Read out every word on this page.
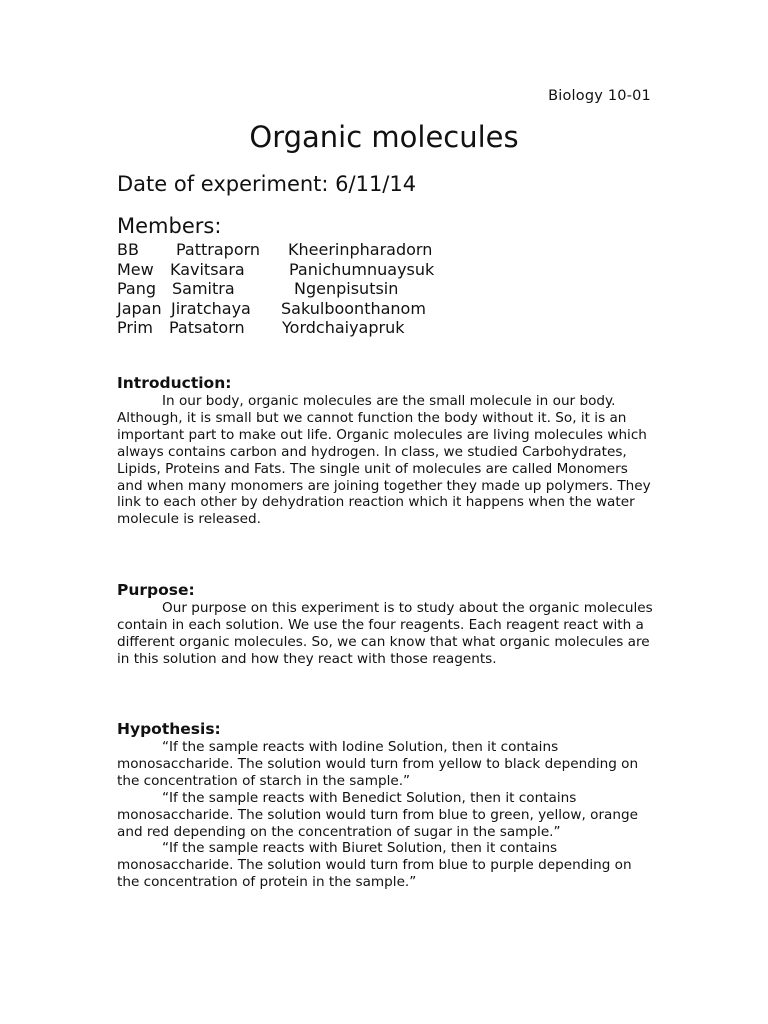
Biology 10-01
Organic molecules
Date of experiment: 6/11/14
Members:
BB Pattraporn Kheerinpharadorn
Mew Kavitsara	Panichumnuaysuk
Pang Samitra	Ngenpisutsin
Japan Jiratchaya Sakulboonthanom
Prim Patsatorn Yordchaiyapruk
Introduction:

In our body, organic molecules are the small molecule in our body. Although, it is small but we cannot function the body without it. So, it is an important part to make out life. Organic molecules are living molecules which always contains carbon and hydrogen. In class, we studied Carbohydrates, Lipids, Proteins and Fats. The single unit of molecules are called Monomers and when many monomers are joining together they made up polymers. They link to each other by dehydration reaction which it happens when the water molecule is released.

Purpose:

Our purpose on this experiment is to study about the organic molecules contain in each solution. We use the four reagents. Each reagent react with a different organic molecules. So, we can know that what organic molecules are in this solution and how they react with those reagents.

Hypothesis:

“If the sample reacts with Iodine Solution, then it contains monosaccharide. The solution would turn from yellow to black depending on the concentration of starch in the sample.”

“If the sample reacts with Benedict Solution, then it contains monosaccharide. The solution would turn from blue to green, yellow, orange and red depending on the concentration of sugar in the sample.”

“If the sample reacts with Biuret Solution, then it contains monosaccharide. The solution would turn from blue to purple depending on the concentration of protein in the sample.”
